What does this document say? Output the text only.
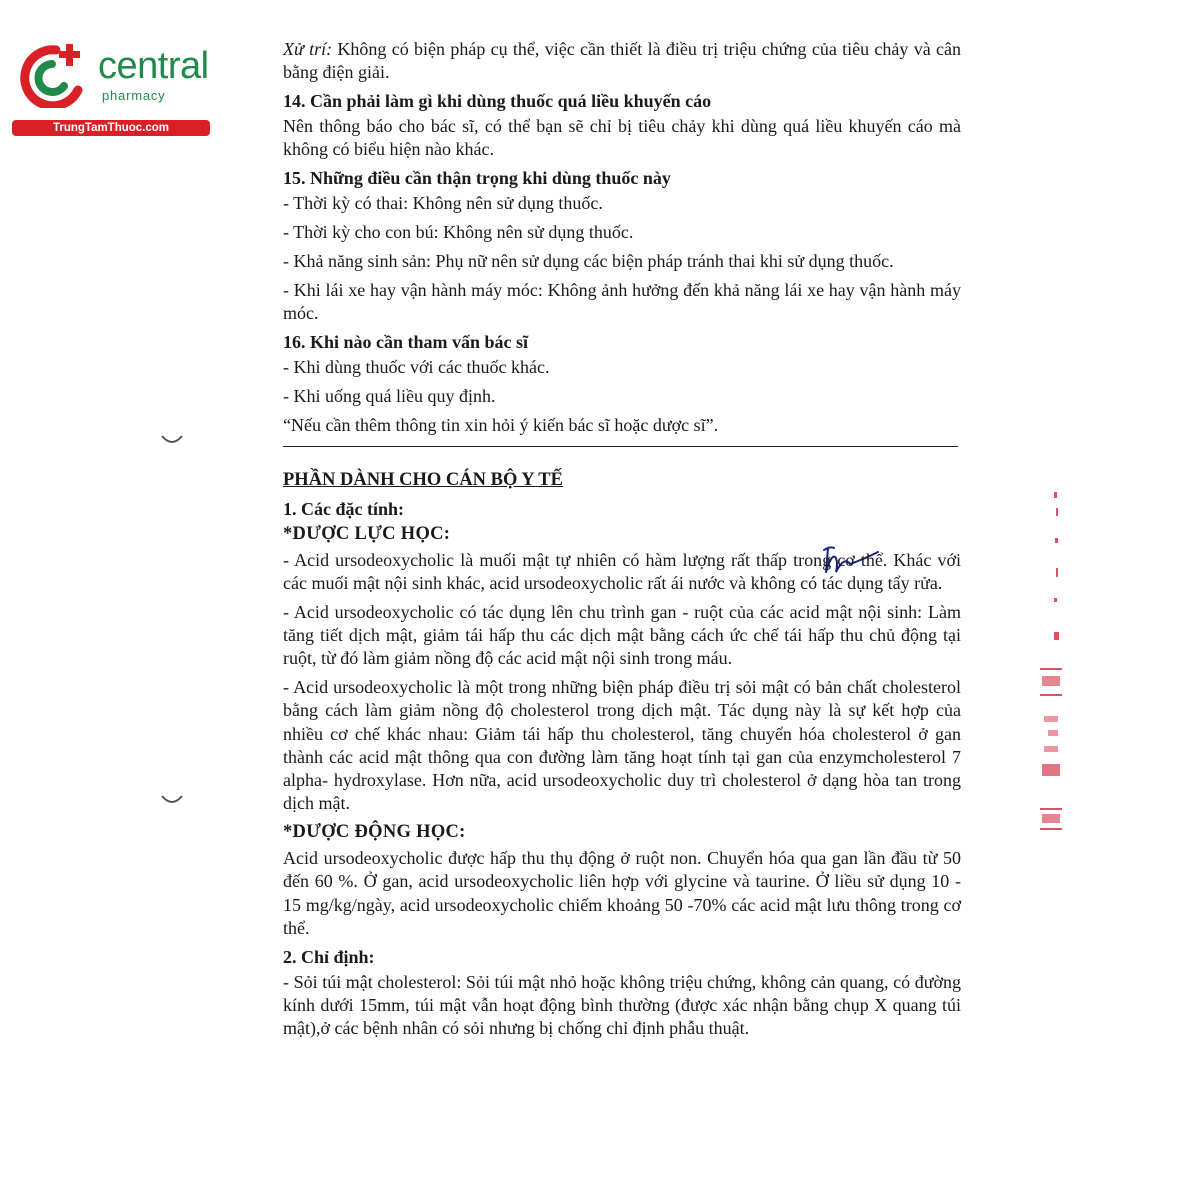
central
pharmacy
TrungTamThuoc.com

Xử trí: Không có biện pháp cụ thể, việc cần thiết là điều trị triệu chứng của tiêu chảy và cân bằng điện giải.

14. Cần phải làm gì khi dùng thuốc quá liều khuyến cáo

Nên thông báo cho bác sĩ, có thể bạn sẽ chỉ bị tiêu chảy khi dùng quá liều khuyến cáo mà không có biểu hiện nào khác.

15. Những điều cần thận trọng khi dùng thuốc này

- Thời kỳ có thai: Không nên sử dụng thuốc.

- Thời kỳ cho con bú: Không nên sử dụng thuốc.

- Khả năng sinh sản: Phụ nữ nên sử dụng các biện pháp tránh thai khi sử dụng thuốc.

- Khi lái xe hay vận hành máy móc: Không ảnh hưởng đến khả năng lái xe hay vận hành máy móc.

16. Khi nào cần tham vấn bác sĩ

- Khi dùng thuốc với các thuốc khác.

- Khi uống quá liều quy định.

“Nếu cần thêm thông tin xin hỏi ý kiến bác sĩ hoặc dược sĩ”.

PHẦN DÀNH CHO CÁN BỘ Y TẾ

1. Các đặc tính:

*DƯỢC LỰC HỌC:

- Acid ursodeoxycholic là muối mật tự nhiên có hàm lượng rất thấp trong cơ thể. Khác với các muối mật nội sinh khác, acid ursodeoxycholic rất ái nước và không có tác dụng tẩy rửa.

- Acid ursodeoxycholic có tác dụng lên chu trình gan - ruột của các acid mật nội sinh: Làm tăng tiết dịch mật, giảm tái hấp thu các dịch mật bằng cách ức chế tái hấp thu chủ động tại ruột, từ đó làm giảm nồng độ các acid mật nội sinh trong máu.

- Acid ursodeoxycholic là một trong những biện pháp điều trị sỏi mật có bản chất cholesterol bằng cách làm giảm nồng độ cholesterol trong dịch mật. Tác dụng này là sự kết hợp của nhiều cơ chế khác nhau: Giảm tái hấp thu cholesterol, tăng chuyển hóa cholesterol ở gan thành các acid mật thông qua con đường làm tăng hoạt tính tại gan của enzymcholesterol 7 alpha- hydroxylase. Hơn nữa, acid ursodeoxycholic duy trì cholesterol ở dạng hòa tan trong dịch mật.

*DƯỢC ĐỘNG HỌC:

Acid ursodeoxycholic được hấp thu thụ động ở ruột non. Chuyển hóa qua gan lần đầu từ 50 đến 60 %. Ở gan, acid ursodeoxycholic liên hợp với glycine và taurine. Ở liều sử dụng 10 - 15 mg/kg/ngày, acid ursodeoxycholic chiếm khoảng 50 -70% các acid mật lưu thông trong cơ thể.

2. Chỉ định:

- Sỏi túi mật cholesterol: Sỏi túi mật nhỏ hoặc không triệu chứng, không cản quang, có đường kính dưới 15mm, túi mật vẫn hoạt động bình thường (được xác nhận bằng chụp X quang túi mật),ở các bệnh nhân có sỏi nhưng bị chống chỉ định phẫu thuật.
